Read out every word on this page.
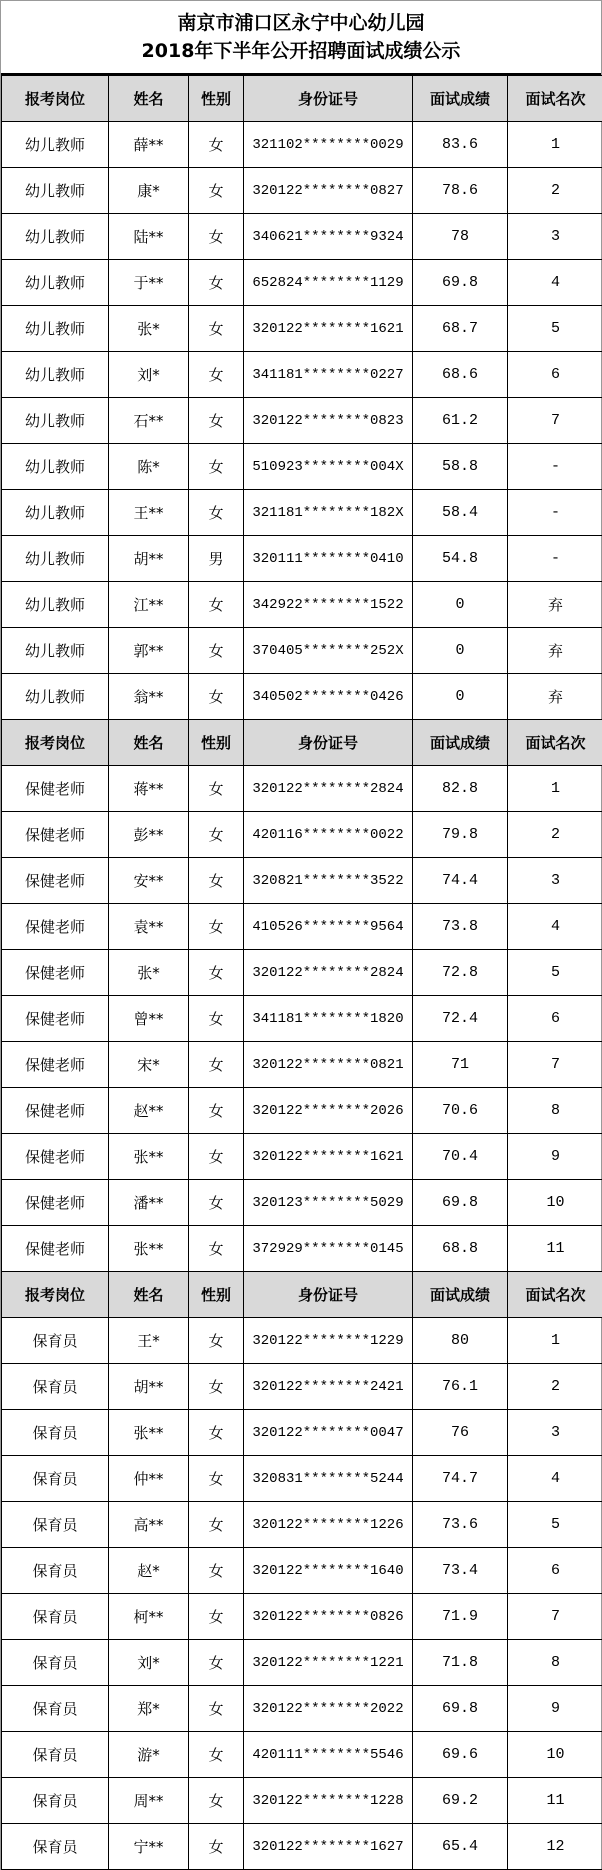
南京市浦口区永宁中心幼儿园
2018年下半年公开招聘面试成绩公示
报考岗位	姓名	性别	身份证号	面试成绩	面试名次
幼儿教师	薛**	女	321102********0029	83.6	1
幼儿教师	康*	女	320122********0827	78.6	2
幼儿教师	陆**	女	340621********9324	78	3
幼儿教师	于**	女	652824********1129	69.8	4
幼儿教师	张*	女	320122********1621	68.7	5
幼儿教师	刘*	女	341181********0227	68.6	6
幼儿教师	石**	女	320122********0823	61.2	7
幼儿教师	陈*	女	510923********004X	58.8	-
幼儿教师	王**	女	321181********182X	58.4	-
幼儿教师	胡**	男	320111********0410	54.8	-
幼儿教师	江**	女	342922********1522	0	弃
幼儿教师	郭**	女	370405********252X	0	弃
幼儿教师	翁**	女	340502********0426	0	弃
报考岗位	姓名	性别	身份证号	面试成绩	面试名次
保健老师	蒋**	女	320122********2824	82.8	1
保健老师	彭**	女	420116********0022	79.8	2
保健老师	安**	女	320821********3522	74.4	3
保健老师	袁**	女	410526********9564	73.8	4
保健老师	张*	女	320122********2824	72.8	5
保健老师	曾**	女	341181********1820	72.4	6
保健老师	宋*	女	320122********0821	71	7
保健老师	赵**	女	320122********2026	70.6	8
保健老师	张**	女	320122********1621	70.4	9
保健老师	潘**	女	320123********5029	69.8	10
保健老师	张**	女	372929********0145	68.8	11
报考岗位	姓名	性别	身份证号	面试成绩	面试名次
保育员	王*	女	320122********1229	80	1
保育员	胡**	女	320122********2421	76.1	2
保育员	张**	女	320122********0047	76	3
保育员	仲**	女	320831********5244	74.7	4
保育员	高**	女	320122********1226	73.6	5
保育员	赵*	女	320122********1640	73.4	6
保育员	柯**	女	320122********0826	71.9	7
保育员	刘*	女	320122********1221	71.8	8
保育员	郑*	女	320122********2022	69.8	9
保育员	游*	女	420111********5546	69.6	10
保育员	周**	女	320122********1228	69.2	11
保育员	宁**	女	320122********1627	65.4	12
